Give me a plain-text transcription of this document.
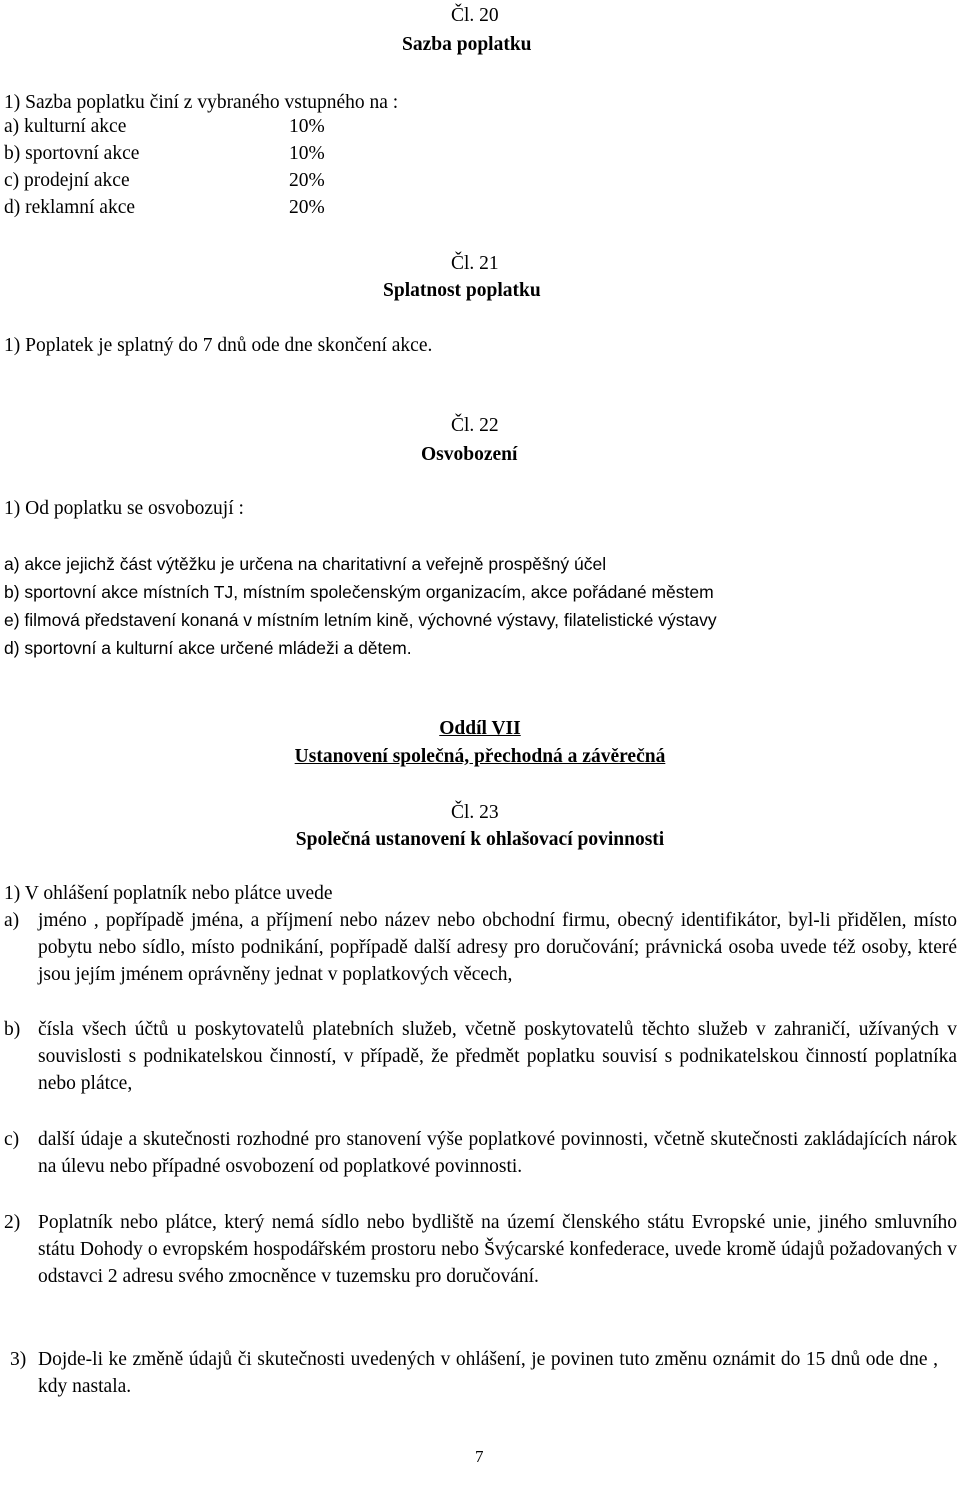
Čl. 20
Sazba poplatku
1) Sazba poplatku činí z vybraného vstupného na :
a) kulturní akce	10%
b) sportovní akce	10%
c) prodejní akce	20%
d) reklamní akce	20%
Čl. 21
Splatnost poplatku
1) Poplatek je splatný do 7 dnů ode dne skončení akce.
Čl. 22
Osvobození
1) Od poplatku se osvobozují :
a) akce jejichž část výtěžku je určena na charitativní a veřejně prospěšný účel
b) sportovní akce místních TJ, místním společenským organizacím, akce pořádané městem
e) filmová představení konaná v místním letním kině, výchovné výstavy, filatelistické výstavy
d) sportovní a kulturní akce určené mládeži a dětem.
Oddíl VII
Ustanovení společná, přechodná a závěrečná
Čl. 23
Společná ustanovení k ohlašovací povinnosti
1) V ohlášení poplatník nebo plátce uvede
a) jméno , popřípadě jména, a příjmení nebo název nebo obchodní firmu, obecný identifikátor, byl-li přidělen, místo pobytu nebo sídlo, místo podnikání, popřípadě další adresy pro doručování; právnická osoba uvede též osoby, které jsou jejím jménem oprávněny jednat v poplatkových věcech,
b) čísla všech účtů u poskytovatelů platebních služeb, včetně poskytovatelů těchto služeb v zahraničí, užívaných v souvislosti s podnikatelskou činností, v případě, že předmět poplatku souvisí s podnikatelskou činností poplatníka nebo plátce,
c) další údaje a skutečnosti rozhodné pro stanovení výše poplatkové povinnosti, včetně skutečnosti zakládajících nárok na úlevu nebo případné osvobození od poplatkové povinnosti.
2) Poplatník nebo plátce, který nemá sídlo nebo bydliště na území členského státu Evropské unie, jiného smluvního státu Dohody o evropském hospodářském prostoru nebo Švýcarské konfederace, uvede kromě údajů požadovaných v odstavci 2 adresu svého zmocněnce v tuzemsku pro doručování.
3) Dojde-li ke změně údajů či skutečnosti uvedených v ohlášení, je povinen tuto změnu oznámit do 15 dnů ode dne , kdy nastala.
7
